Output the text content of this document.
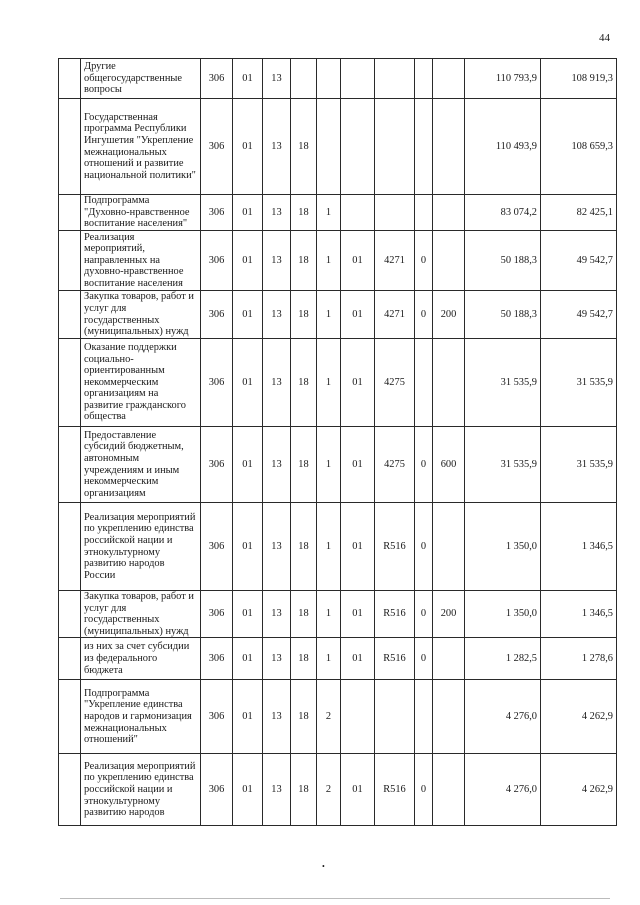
44
	Другие общегосударственные вопросы	306	01	13							110 793,9	108 919,3
	Государственная программа Республики Ингушетия "Укрепление межнациональных отношений и развитие национальной политики"	306	01	13	18						110 493,9	108 659,3
	Подпрограмма "Духовно-нравственное воспитание населения"	306	01	13	18	1					83 074,2	82 425,1
	Реализация мероприятий, направленных на духовно-нравственное воспитание населения	306	01	13	18	1	01	4271	0		50 188,3	49 542,7
	Закупка товаров, работ и услуг для государственных (муниципальных) нужд	306	01	13	18	1	01	4271	0	200	50 188,3	49 542,7
	Оказание поддержки социально-ориентированным некоммерческим организациям на развитие гражданского общества	306	01	13	18	1	01	4275			31 535,9	31 535,9
	Предоставление субсидий бюджетным, автономным учреждениям и иным некоммерческим организациям	306	01	13	18	1	01	4275	0	600	31 535,9	31 535,9
	Реализация мероприятий по укреплению единства российской нации и этнокультурному развитию народов России	306	01	13	18	1	01	R516	0		1 350,0	1 346,5
	Закупка товаров, работ и услуг для государственных (муниципальных) нужд	306	01	13	18	1	01	R516	0	200	1 350,0	1 346,5
	из них за счет субсидии из федерального бюджета	306	01	13	18	1	01	R516	0		1 282,5	1 278,6
	Подпрограмма "Укрепление единства народов и гармонизация межнациональных отношений"	306	01	13	18	2					4 276,0	4 262,9
	Реализация мероприятий по укреплению единства российской нации и этнокультурному развитию народов	306	01	13	18	2	01	R516	0		4 276,0	4 262,9
•
